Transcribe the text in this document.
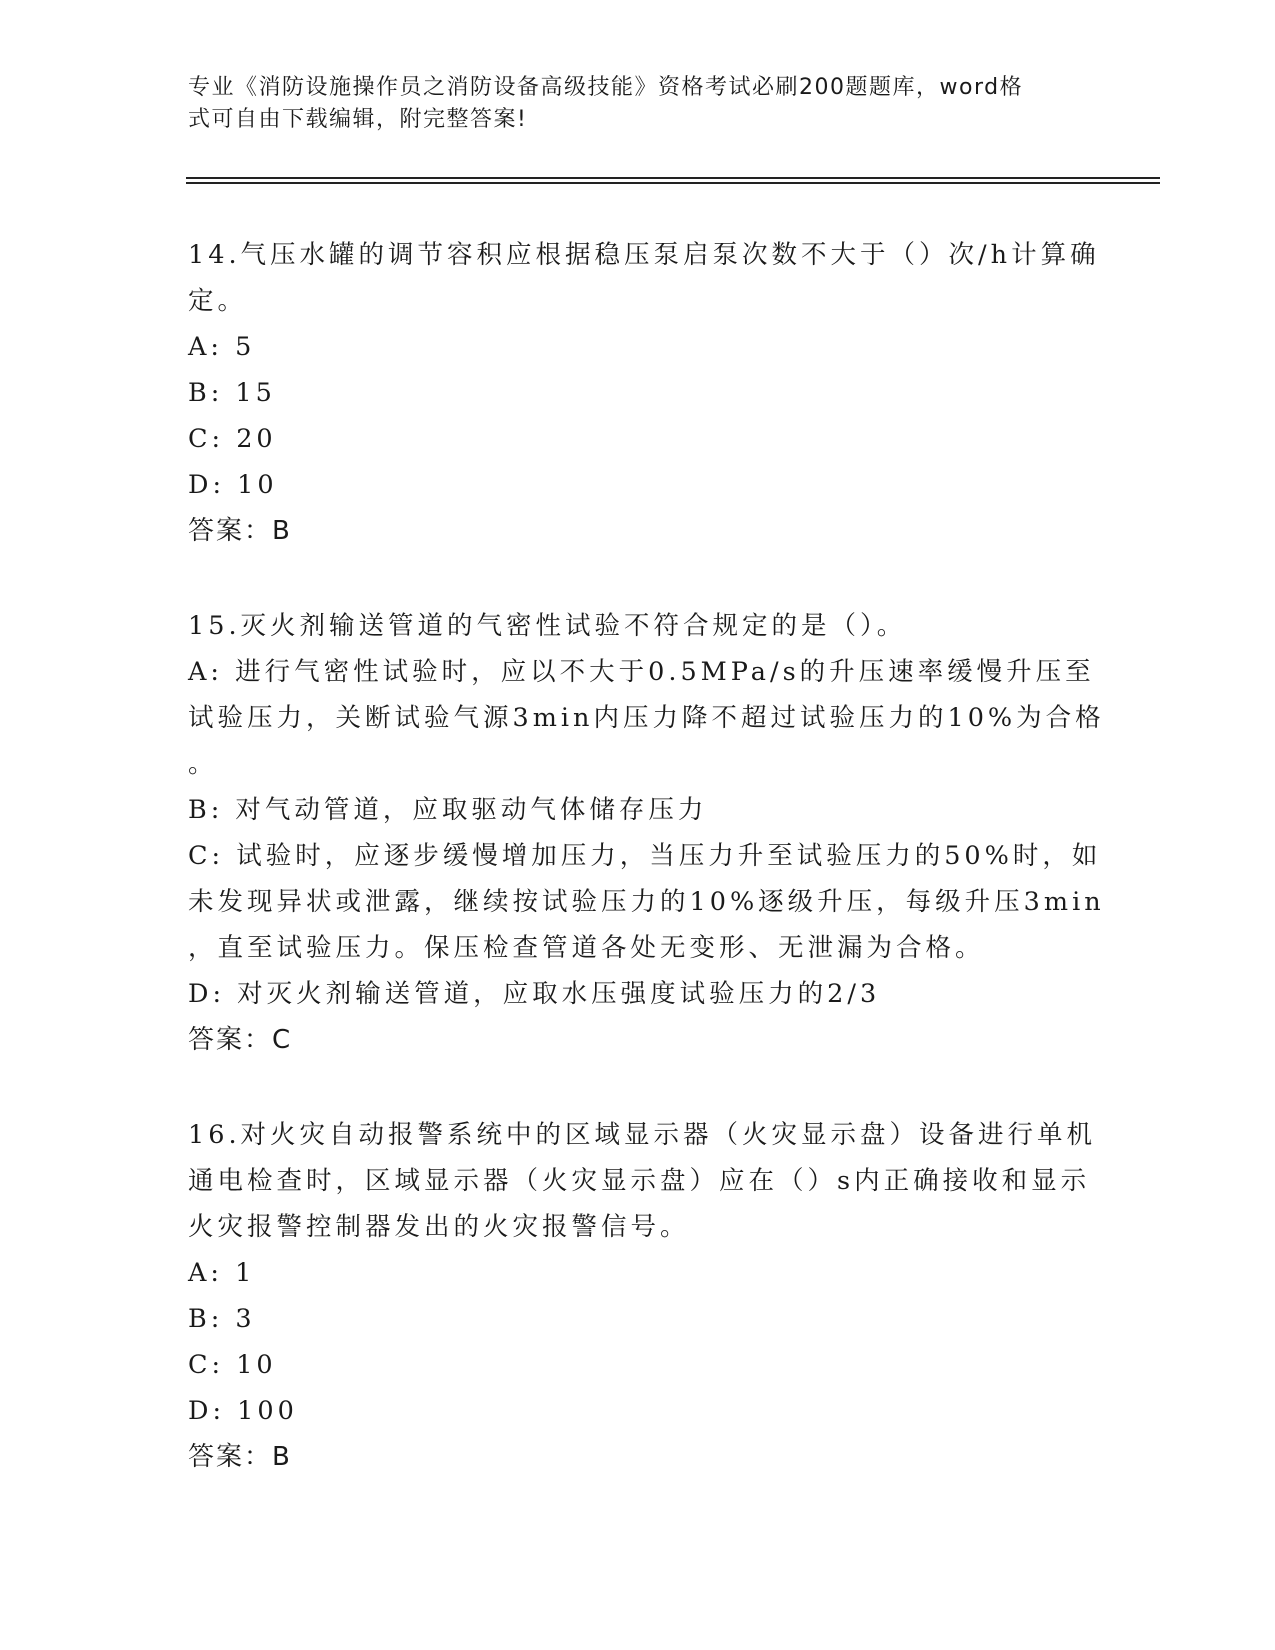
专业《消防设施操作员之消防设备高级技能》资格考试必刷200题题库，word格
式可自由下载编辑，附完整答案!
14.气压水罐的调节容积应根据稳压泵启泵次数不大于（）次/h计算确
定。
A: 5
B: 15
C: 20
D: 10
答案：B
15.灭火剂输送管道的气密性试验不符合规定的是（）。
A: 进行气密性试验时，应以不大于0.5MPa/s的升压速率缓慢升压至
试验压力，关断试验气源3min内压力降不超过试验压力的10%为合格
。
B: 对气动管道，应取驱动气体储存压力
C: 试验时，应逐步缓慢增加压力，当压力升至试验压力的50%时，如
未发现异状或泄露，继续按试验压力的10%逐级升压，每级升压3min
，直至试验压力。保压检查管道各处无变形、无泄漏为合格。
D: 对灭火剂输送管道，应取水压强度试验压力的2/3
答案：C
16.对火灾自动报警系统中的区域显示器（火灾显示盘）设备进行单机
通电检查时，区域显示器（火灾显示盘）应在（）s内正确接收和显示
火灾报警控制器发出的火灾报警信号。
A: 1
B: 3
C: 10
D: 100
答案：B
